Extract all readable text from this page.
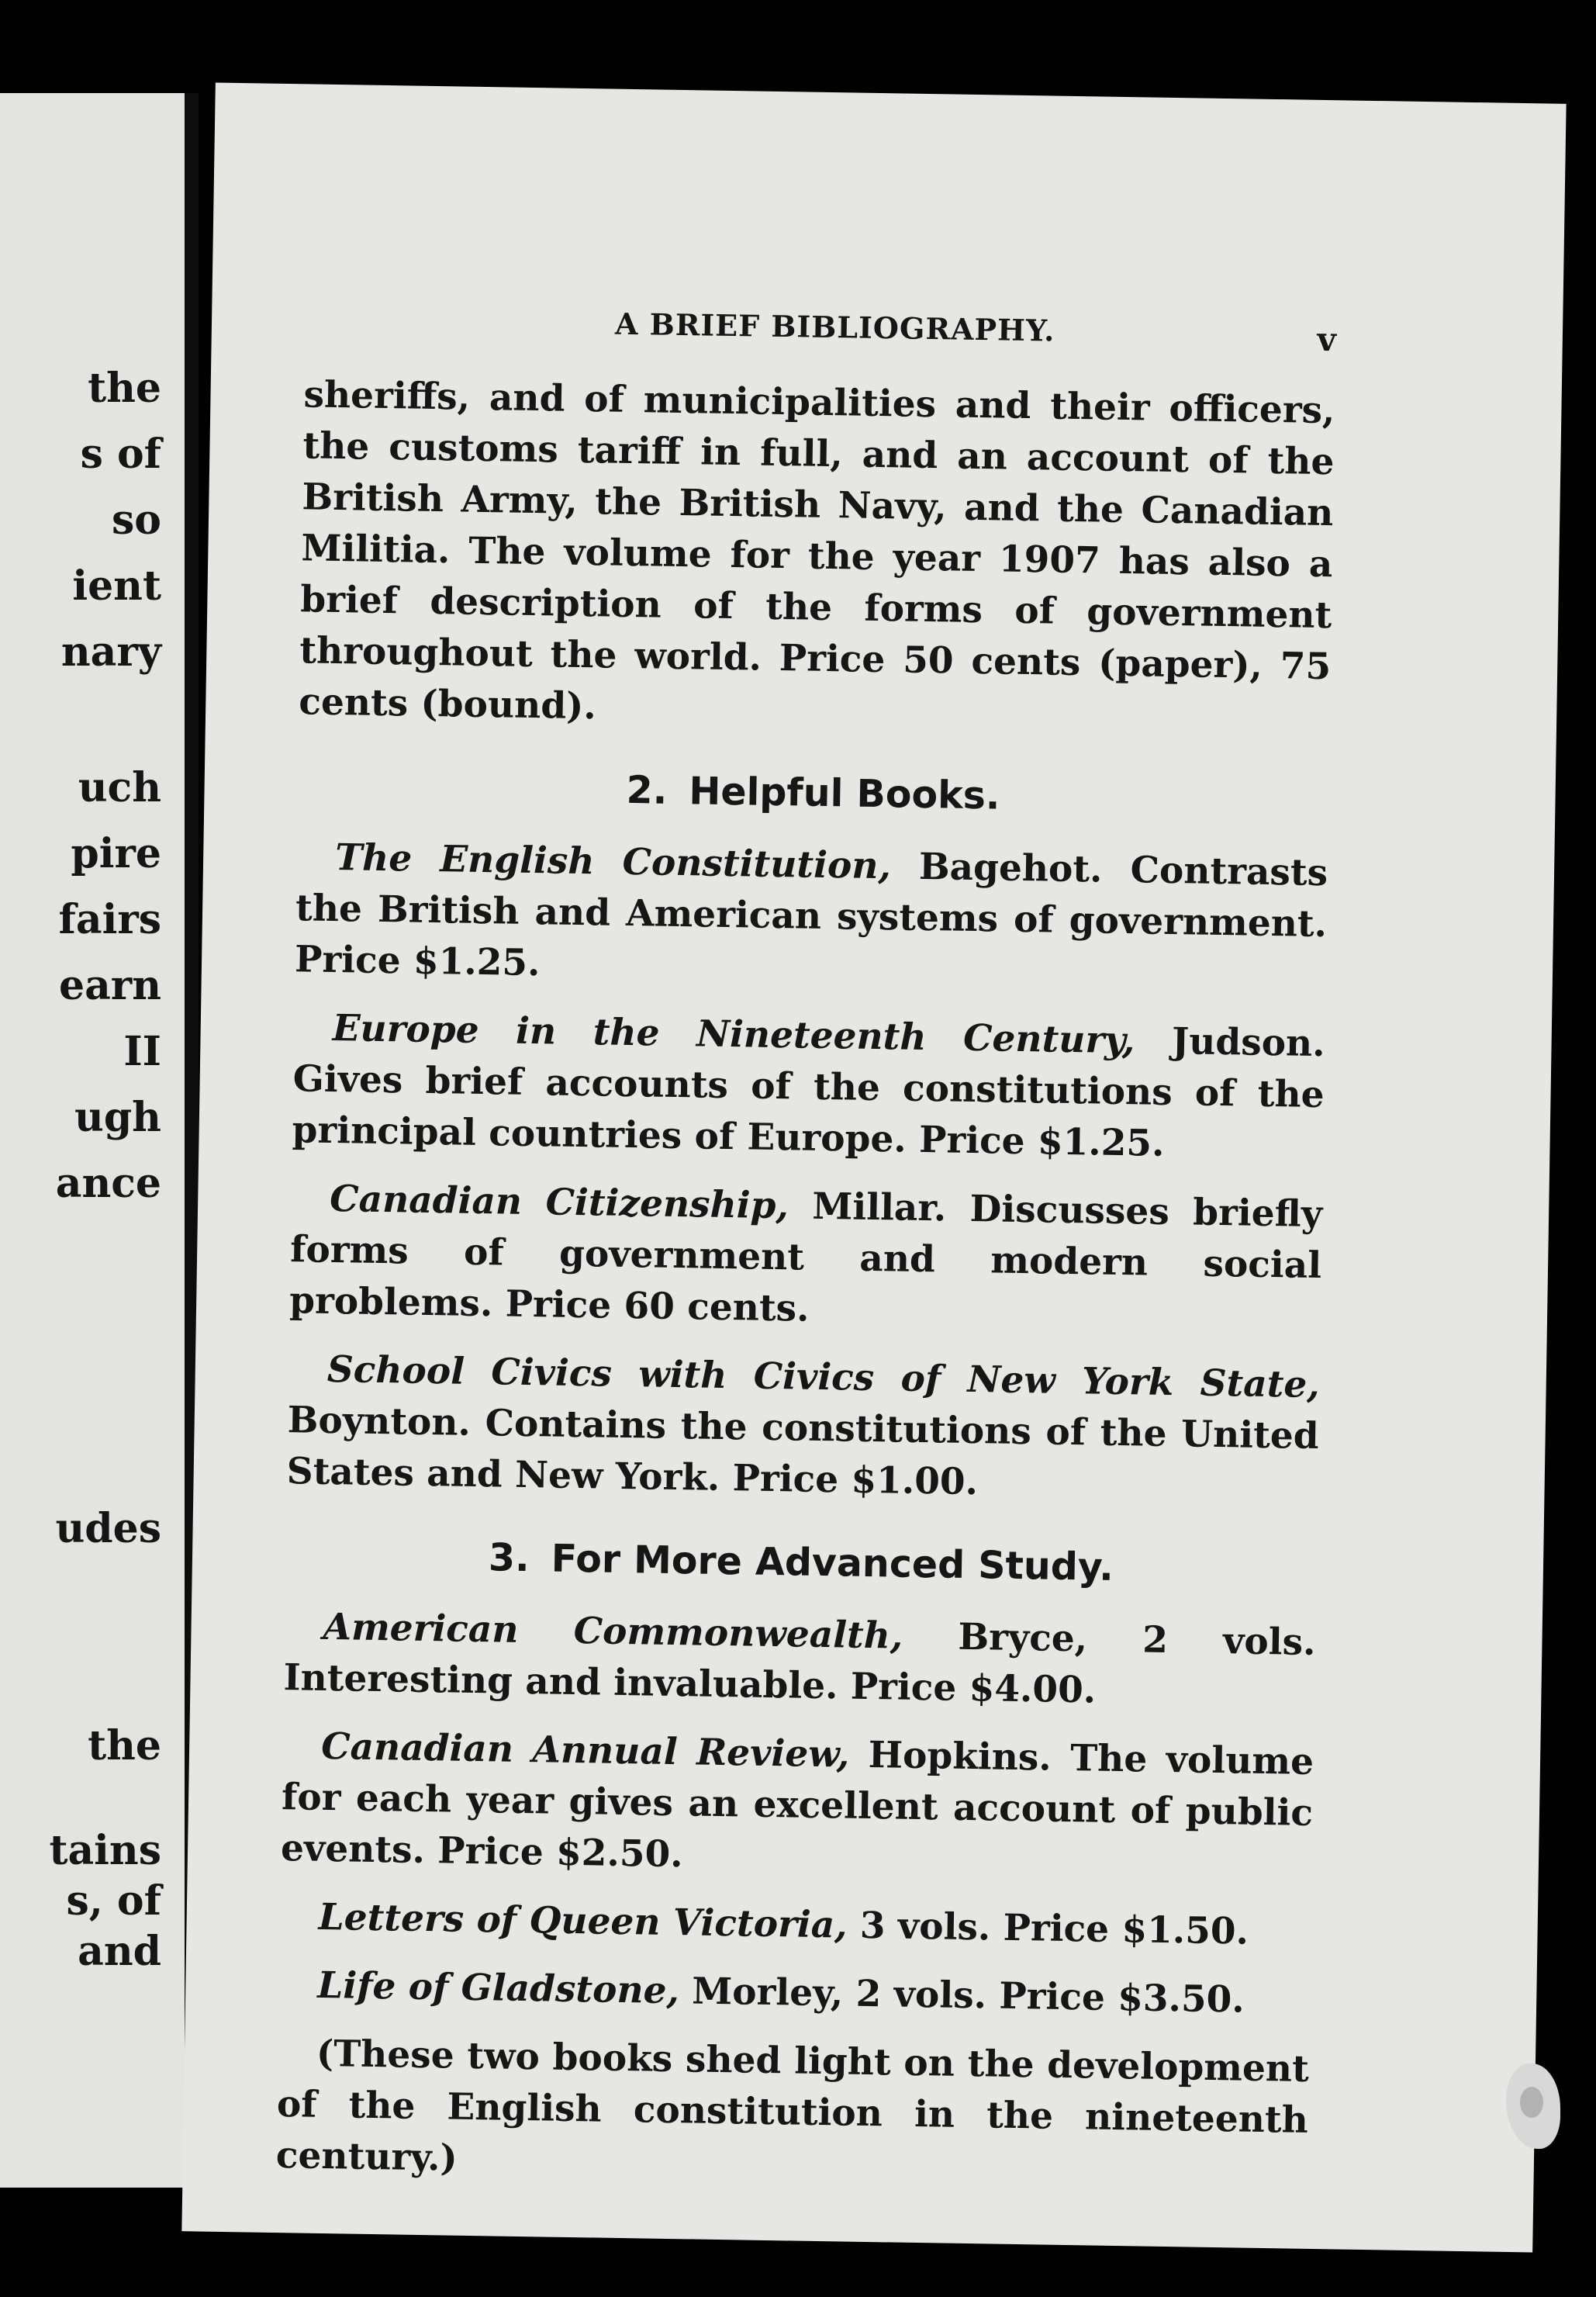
the
s of
so
ient
nary
uch
pire
fairs
earn
II
ugh
ance
udes
the
tains
s, of
and
A BRIEF BIBLIOGRAPHY.	v

sheriffs, and of municipalities and their officers, the customs tariff in full, and an account of the British Army, the British Navy, and the Canadian Militia. The volume for the year 1907 has also a brief description of the forms of government throughout the world. Price 50 cents (paper), 75 cents (bound).

2. Helpful Books.

The English Constitution, Bagehot. Contrasts the British and American systems of government. Price $1.25.

Europe in the Nineteenth Century, Judson. Gives brief accounts of the constitutions of the principal countries of Europe. Price $1.25.

Canadian Citizenship, Millar. Discusses briefly forms of government and modern social problems. Price 60 cents.

School Civics with Civics of New York State, Boynton. Contains the constitutions of the United States and New York. Price $1.00.

3. For More Advanced Study.

American Commonwealth, Bryce, 2 vols. Interesting and invaluable. Price $4.00.

Canadian Annual Review, Hopkins. The volume for each year gives an excellent account of public events. Price $2.50.

Letters of Queen Victoria, 3 vols. Price $1.50.

Life of Gladstone, Morley, 2 vols. Price $3.50.

(These two books shed light on the development of the English constitution in the nineteenth century.)
